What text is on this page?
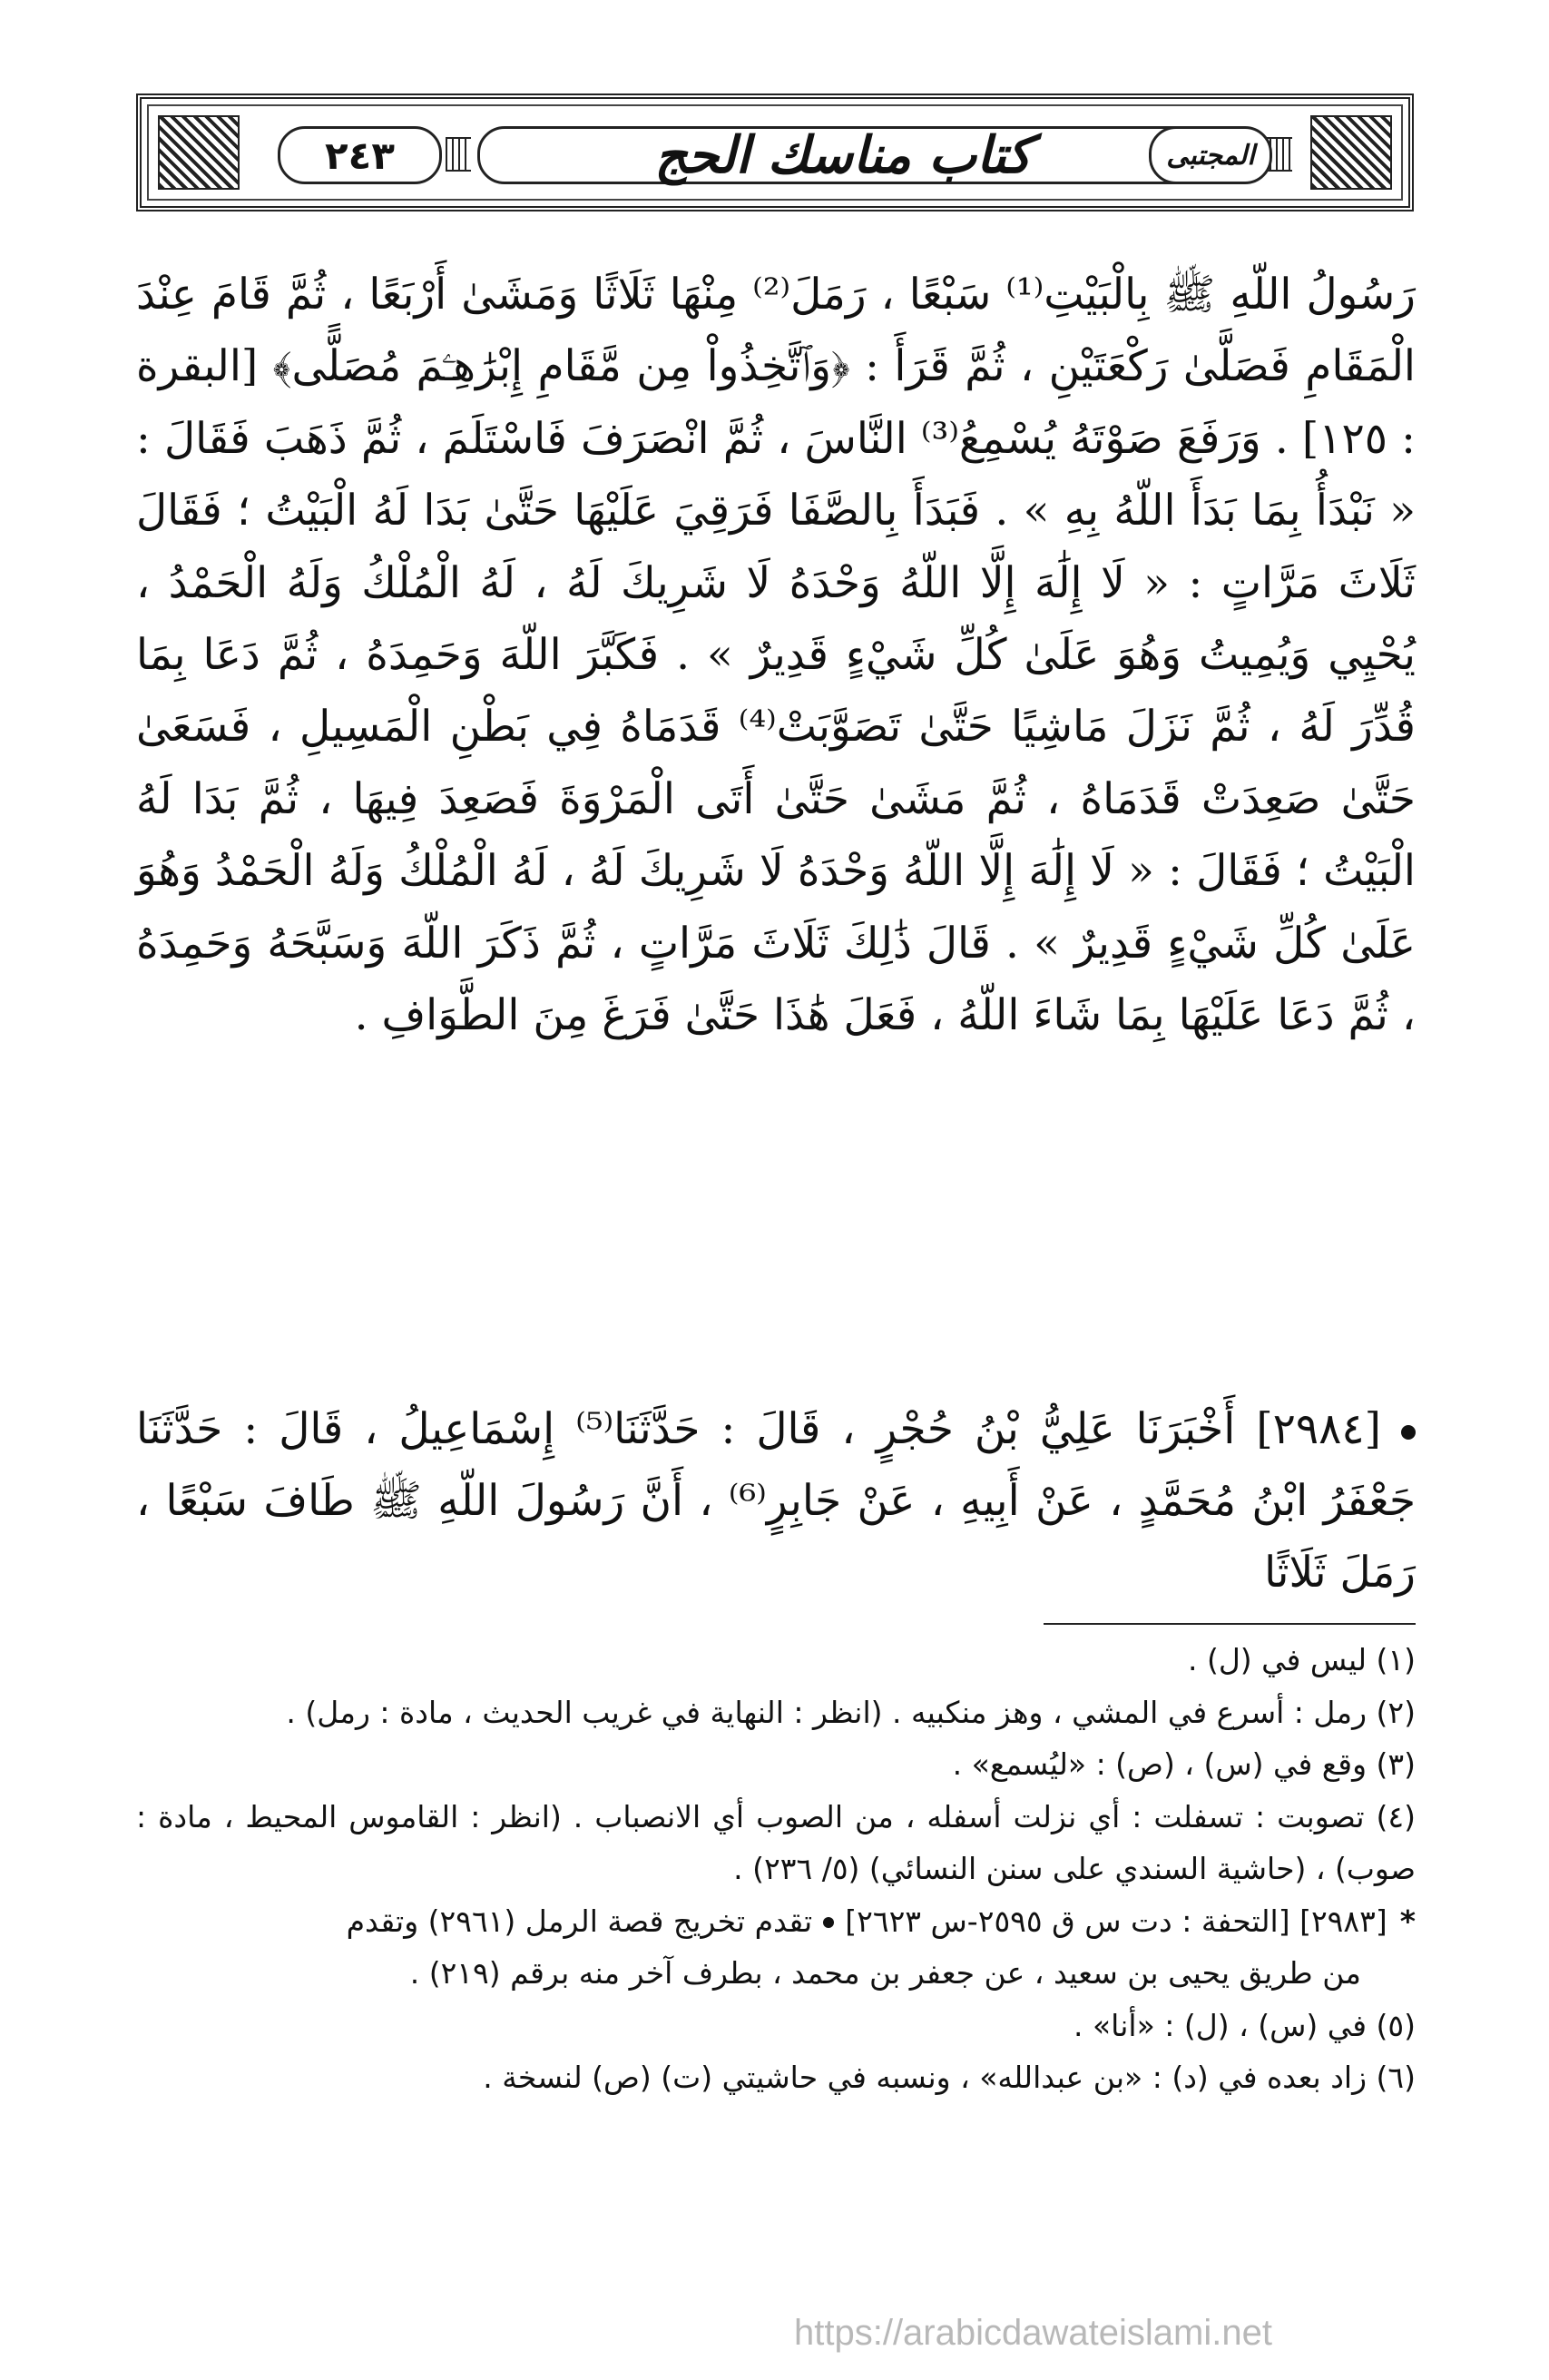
٢٤٣	كتاب مناسك الحج	المجتبى

رَسُولُ اللّهِ ﷺ بِالْبَيْتِ⁽¹⁾ سَبْعًا ، رَمَلَ⁽²⁾ مِنْهَا ثَلَاثًا وَمَشَىٰ أَرْبَعًا ، ثُمَّ قَامَ عِنْدَ الْمَقَامِ فَصَلَّىٰ رَكْعَتَيْنِ ، ثُمَّ قَرَأَ : ﴿وَٱتَّخِذُواْ مِن مَّقَامِ إِبْرَٰهِـۧمَ مُصَلًّى﴾ [البقرة : ١٢٥] . وَرَفَعَ صَوْتَهُ يُسْمِعُ⁽³⁾ النَّاسَ ، ثُمَّ انْصَرَفَ فَاسْتَلَمَ ، ثُمَّ ذَهَبَ فَقَالَ : « نَبْدَأُ بِمَا بَدَأَ اللّهُ بِهِ » . فَبَدَأَ بِالصَّفَا فَرَقِيَ عَلَيْهَا حَتَّىٰ بَدَا لَهُ الْبَيْتُ ؛ فَقَالَ ثَلَاثَ مَرَّاتٍ : « لَا إِلَٰهَ إِلَّا اللّهُ وَحْدَهُ لَا شَرِيكَ لَهُ ، لَهُ الْمُلْكُ وَلَهُ الْحَمْدُ ، يُحْيِي وَيُمِيتُ وَهُوَ عَلَىٰ كُلِّ شَيْءٍ قَدِيرٌ » . فَكَبَّرَ اللّهَ وَحَمِدَهُ ، ثُمَّ دَعَا بِمَا قُدِّرَ لَهُ ، ثُمَّ نَزَلَ مَاشِيًا حَتَّىٰ تَصَوَّبَتْ⁽⁴⁾ قَدَمَاهُ فِي بَطْنِ الْمَسِيلِ ، فَسَعَىٰ حَتَّىٰ صَعِدَتْ قَدَمَاهُ ، ثُمَّ مَشَىٰ حَتَّىٰ أَتَى الْمَرْوَةَ فَصَعِدَ فِيهَا ، ثُمَّ بَدَا لَهُ الْبَيْتُ ؛ فَقَالَ : « لَا إِلَٰهَ إِلَّا اللّهُ وَحْدَهُ لَا شَرِيكَ لَهُ ، لَهُ الْمُلْكُ وَلَهُ الْحَمْدُ وَهُوَ عَلَىٰ كُلِّ شَيْءٍ قَدِيرٌ » . قَالَ ذَٰلِكَ ثَلَاثَ مَرَّاتٍ ، ثُمَّ ذَكَرَ اللّهَ وَسَبَّحَهُ وَحَمِدَهُ ، ثُمَّ دَعَا عَلَيْهَا بِمَا شَاءَ اللّهُ ، فَعَلَ هَٰذَا حَتَّىٰ فَرَغَ مِنَ الطَّوَافِ .

[٢٩٨٤] أَخْبَرَنَا عَلِيُّ بْنُ حُجْرٍ ، قَالَ : حَدَّثَنَا⁽⁵⁾ إِسْمَاعِيلُ ، قَالَ : حَدَّثَنَا جَعْفَرُ ابْنُ مُحَمَّدٍ ، عَنْ أَبِيهِ ، عَنْ جَابِرٍ⁽⁶⁾ ، أَنَّ رَسُولَ اللّهِ ﷺ طَافَ سَبْعًا ، رَمَلَ ثَلَاثًا

(١) ليس في (ل) .

(٢) رمل : أسرع في المشي ، وهز منكبيه . (انظر : النهاية في غريب الحديث ، مادة : رمل) .

(٣) وقع في (س) ، (ص) : «ليُسمع» .

(٤) تصوبت : تسفلت : أي نزلت أسفله ، من الصوب أي الانصباب . (انظر : القاموس المحيط ، مادة : صوب) ، (حاشية السندي على سنن النسائي) (٥/ ٢٣٦) .

*[٢٩٨٣] [التحفة : دت س ق ٢٥٩٥-س ٢٦٢٣]تقدم تخريج قصة الرمل (٢٩٦١) وتقدم

من طريق يحيى بن سعيد ، عن جعفر بن محمد ، بطرف آخر منه برقم (٢١٩) .

(٥) في (س) ، (ل) : «أنا» .

(٦) زاد بعده في (د) : «بن عبدالله» ، ونسبه في حاشيتي (ت) (ص) لنسخة .

https://arabicdawateislami.net
